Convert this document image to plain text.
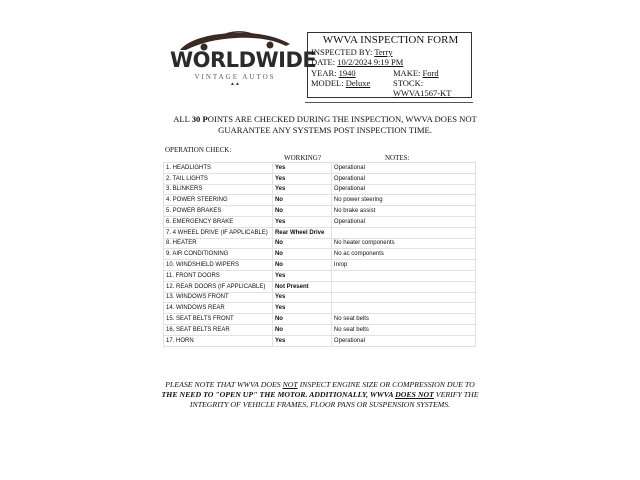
WORLDWIDE
VINTAGE AUTOS
▲▲
WWVA INSPECTION FORM
INSPECTED BY: Terry
DATE: 10/2/2024 9:19 PM
YEAR: 1940	MAKE: Ford
MODEL: Deluxe	STOCK:
WWVA1567-KT
ALL 30 POINTS ARE CHECKED DURING THE INSPECTION, WWVA DOES NOT
GUARANTEE ANY SYSTEMS POST INSPECTION TIME.
OPERATION CHECK:
WORKING?	NOTES:
1. HEADLIGHTS	Yes	Operational
2. TAIL LIGHTS	Yes	Operational
3. BLINKERS	Yes	Operational
4. POWER STEERING	No	No power steering
5. POWER BRAKES	No	No brake assist
6. EMERGENCY BRAKE	Yes	Operational
7. 4 WHEEL DRIVE (IF APPLICABLE)	Rear Wheel Drive	
8. HEATER	No	No heater components
9. AIR CONDITIONING	No	No ac components
10. WINDSHIELD WIPERS	No	In/op
11. FRONT DOORS	Yes	
12. REAR DOORS (IF APPLICABLE)	Not Present	
13. WINDOWS FRONT	Yes	
14. WINDOWS REAR	Yes	
15. SEAT BELTS FRONT	No	No seat belts
16. SEAT BELTS REAR	No	No seat belts
17. HORN	Yes	Operational
PLEASE NOTE THAT WWVA DOES NOT INSPECT ENGINE SIZE OR COMPRESSION DUE TO
THE NEED TO "OPEN UP" THE MOTOR. ADDITIONALLY, WWVA DOES NOT VERIFY THE
INTEGRITY OF VEHICLE FRAMES, FLOOR PANS OR SUSPENSION SYSTEMS.
